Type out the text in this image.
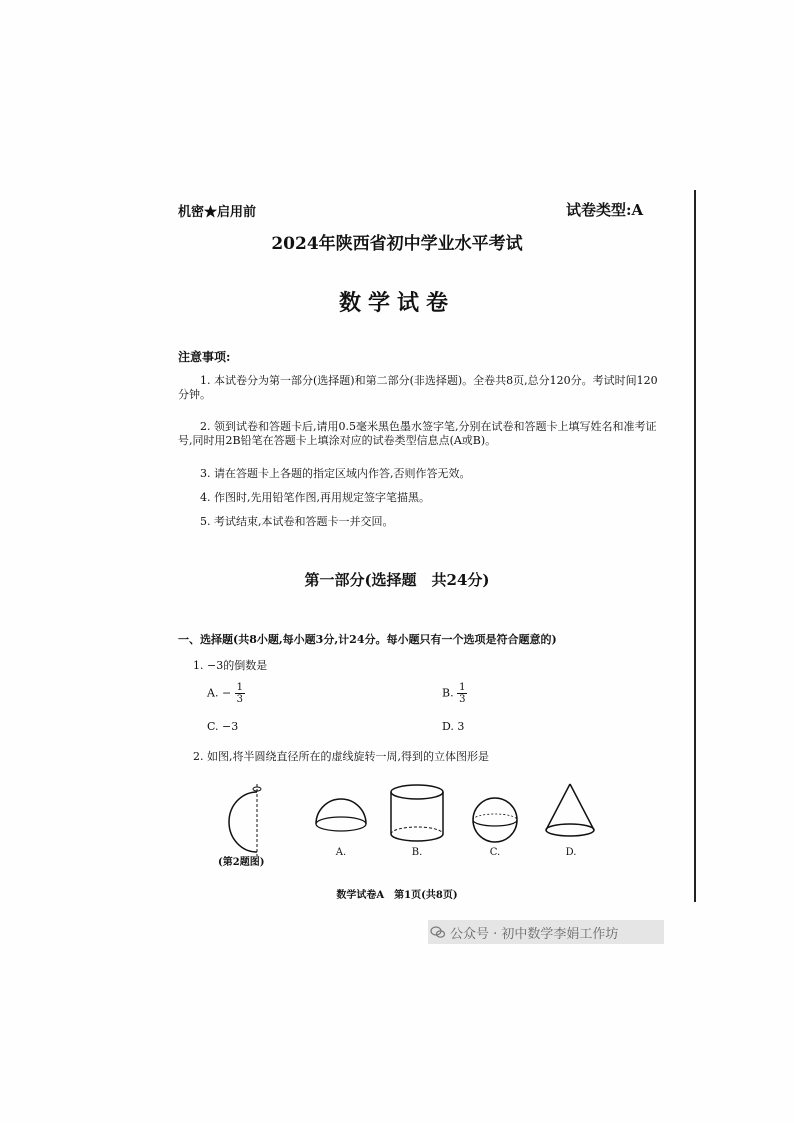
机密★启用前	试卷类型:A
2024年陕西省初中学业水平考试
数学试卷
注意事项:
1. 本试卷分为第一部分(选择题)和第二部分(非选择题)。全卷共8页,总分120分。考试时间120分钟。
2. 领到试卷和答题卡后,请用0.5毫米黑色墨水签字笔,分别在试卷和答题卡上填写姓名和准考证号,同时用2B铅笔在答题卡上填涂对应的试卷类型信息点(A或B)。
3. 请在答题卡上各题的指定区域内作答,否则作答无效。
4. 作图时,先用铅笔作图,再用规定签字笔描黑。
5. 考试结束,本试卷和答题卡一并交回。
第一部分(选择题　共24分)
一、选择题(共8小题,每小题3分,计24分。每小题只有一个选项是符合题意的)
1. −3的倒数是
A. − $\frac{1}{3}$	B. $\frac{1}{3}$
C. −3	D. 3
2. 如图,将半圆绕直径所在的虚线旋转一周,得到的立体图形是
(第2题图)
A.	B.	C.	D.
数学试卷A　第1页(共8页)
公众号 · 初中数学李娟工作坊
